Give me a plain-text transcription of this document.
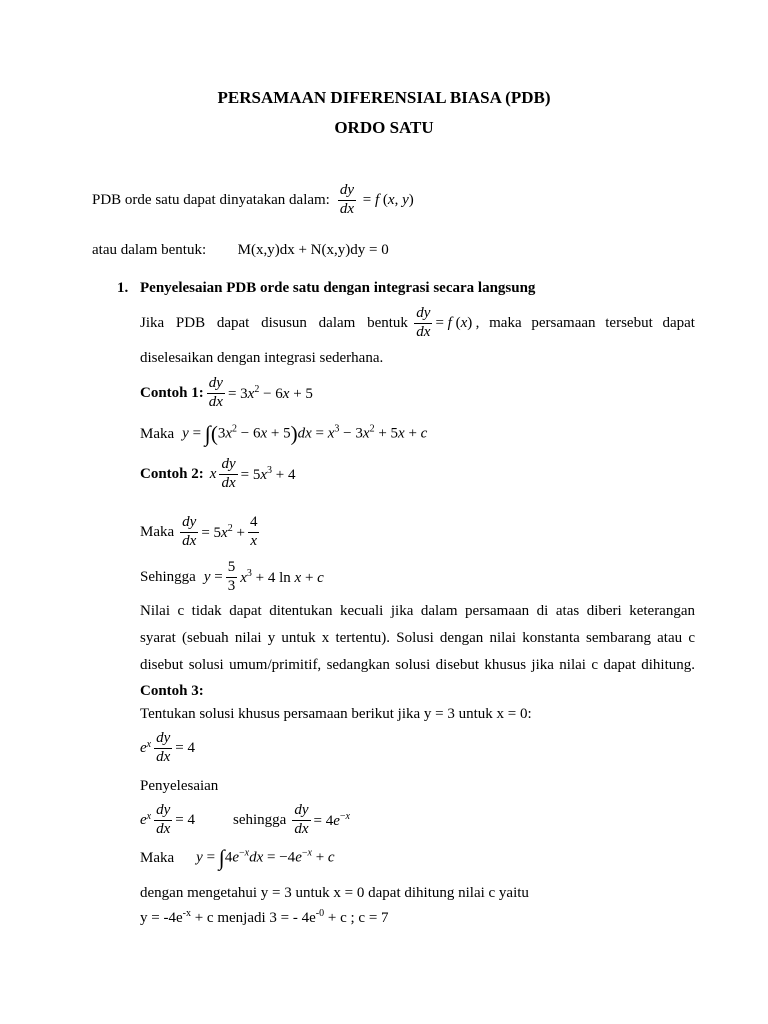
PERSAMAAN DIFERENSIAL BIASA (PDB)
ORDO SATU
PDB orde satu dapat dinyatakan dalam: $\frac{dy}{dx} = f$ (x, y)
atau dalam bentuk: M(x,y)dx + N(x,y)dy = 0
1. Penyelesaian PDB orde satu dengan integrasi secara langsung
Jika PDB dapat disusun dalam bentuk $\frac{dy}{dx} = f$ ( x ) , maka persamaan tersebut dapat
diselesaikan dengan integrasi sederhana.
Contoh 1 : $\frac{dy}{dx} = 3x^2 - 6x + 5$
Maka $y = \int(3x^2 - 6x + 5)dx = x^3 - 3x^2 + 5x + c$
Contoh 2: x $\frac{dy}{dx} = 5x^3 + 4$
Maka $\frac{dy}{dx} = 5x^2 + \frac{4}{x}$
Sehingga $y = \frac{5}{3} x^3 + 4$ ln x + c
Nilai c tidak dapat ditentukan kecuali jika dalam persamaan di atas diberi keterangan
syarat (sebuah nilai y untuk x tertentu). Solusi dengan nilai konstanta sembarang atau c
disebut solusi umum/primitif, sedangkan solusi disebut khusus jika nilai c dapat dihitung.
Contoh 3:
Tentukan solusi khusus persamaan berikut jika y = 3 untuk x = 0:
$e^x \frac{dy}{dx} = 4$
Penyelesaian
$e^x \frac{dy}{dx} = 4$	sehingga $\frac{dy}{dx} = 4e^{-x}$
Maka $y = \int 4e^{-x}dx = -4e^{-x} + c$
dengan mengetahui y = 3 untuk x = 0 dapat dihitung nilai c yaitu
$y = -4e^{-x} + c$ menjadi 3 = - $4e^{-0} + c$ ; c = 7
